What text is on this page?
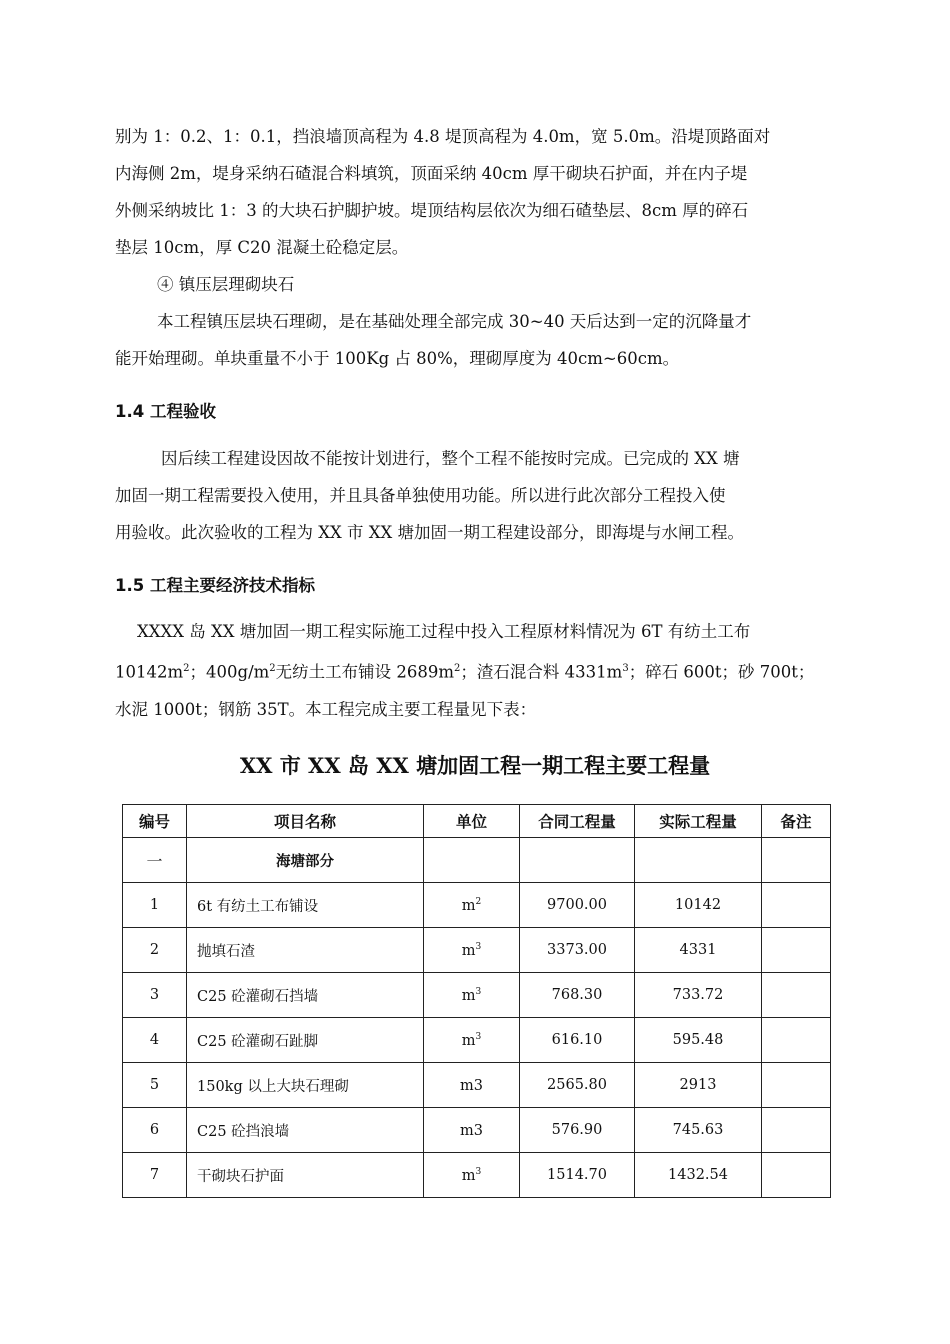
别为 1：0.2、1：0.1，挡浪墙顶高程为 4.8 堤顶高程为 4.0m，宽 5.0m。沿堤顶路面对
内海侧 2m，堤身采纳石碴混合料填筑，顶面采纳 40cm 厚干砌块石护面，并在内子堤
外侧采纳坡比 1：3 的大块石护脚护坡。堤顶结构层依次为细石碴垫层、8cm 厚的碎石
垫层 10cm，厚 C20 混凝土砼稳定层。
④ 镇压层理砌块石
本工程镇压层块石理砌，是在基础处理全部完成 30~40 天后达到一定的沉降量才
能开始理砌。单块重量不小于 100Kg 占 80%，理砌厚度为 40cm~60cm。
1.4 工程验收
因后续工程建设因故不能按计划进行，整个工程不能按时完成。已完成的 XX 塘
加固一期工程需要投入使用，并且具备单独使用功能。所以进行此次部分工程投入使
用验收。此次验收的工程为 XX 市 XX 塘加固一期工程建设部分，即海堤与水闸工程。
1.5 工程主要经济技术指标
XXXX 岛 XX 塘加固一期工程实际施工过程中投入工程原材料情况为 6T 有纺土工布
$10142m^2$；$400g/m^2$无纺土工布铺设 $2689m^2$；渣石混合料 $4331m^3$；碎石 600t；砂 700t；
水泥 1000t；钢筋 35T。本工程完成主要工程量见下表：
XX 市 XX 岛 XX 塘加固工程一期工程主要工程量
编号	项目名称	单位	合同工程量	实际工程量	备注
一	海塘部分				
1	6t 有纺土工布铺设	$m^2$	9700.00	10142	
2	抛填石渣	$m^3$	3373.00	4331	
3	C25 砼灌砌石挡墙	$m^3$	768.30	733.72	
4	C25 砼灌砌石趾脚	$m^3$	616.10	595.48	
5	150kg 以上大块石理砌	m3	2565.80	2913	
6	C25 砼挡浪墙	m3	576.90	745.63	
7	干砌块石护面	$m^3$	1514.70	1432.54	
